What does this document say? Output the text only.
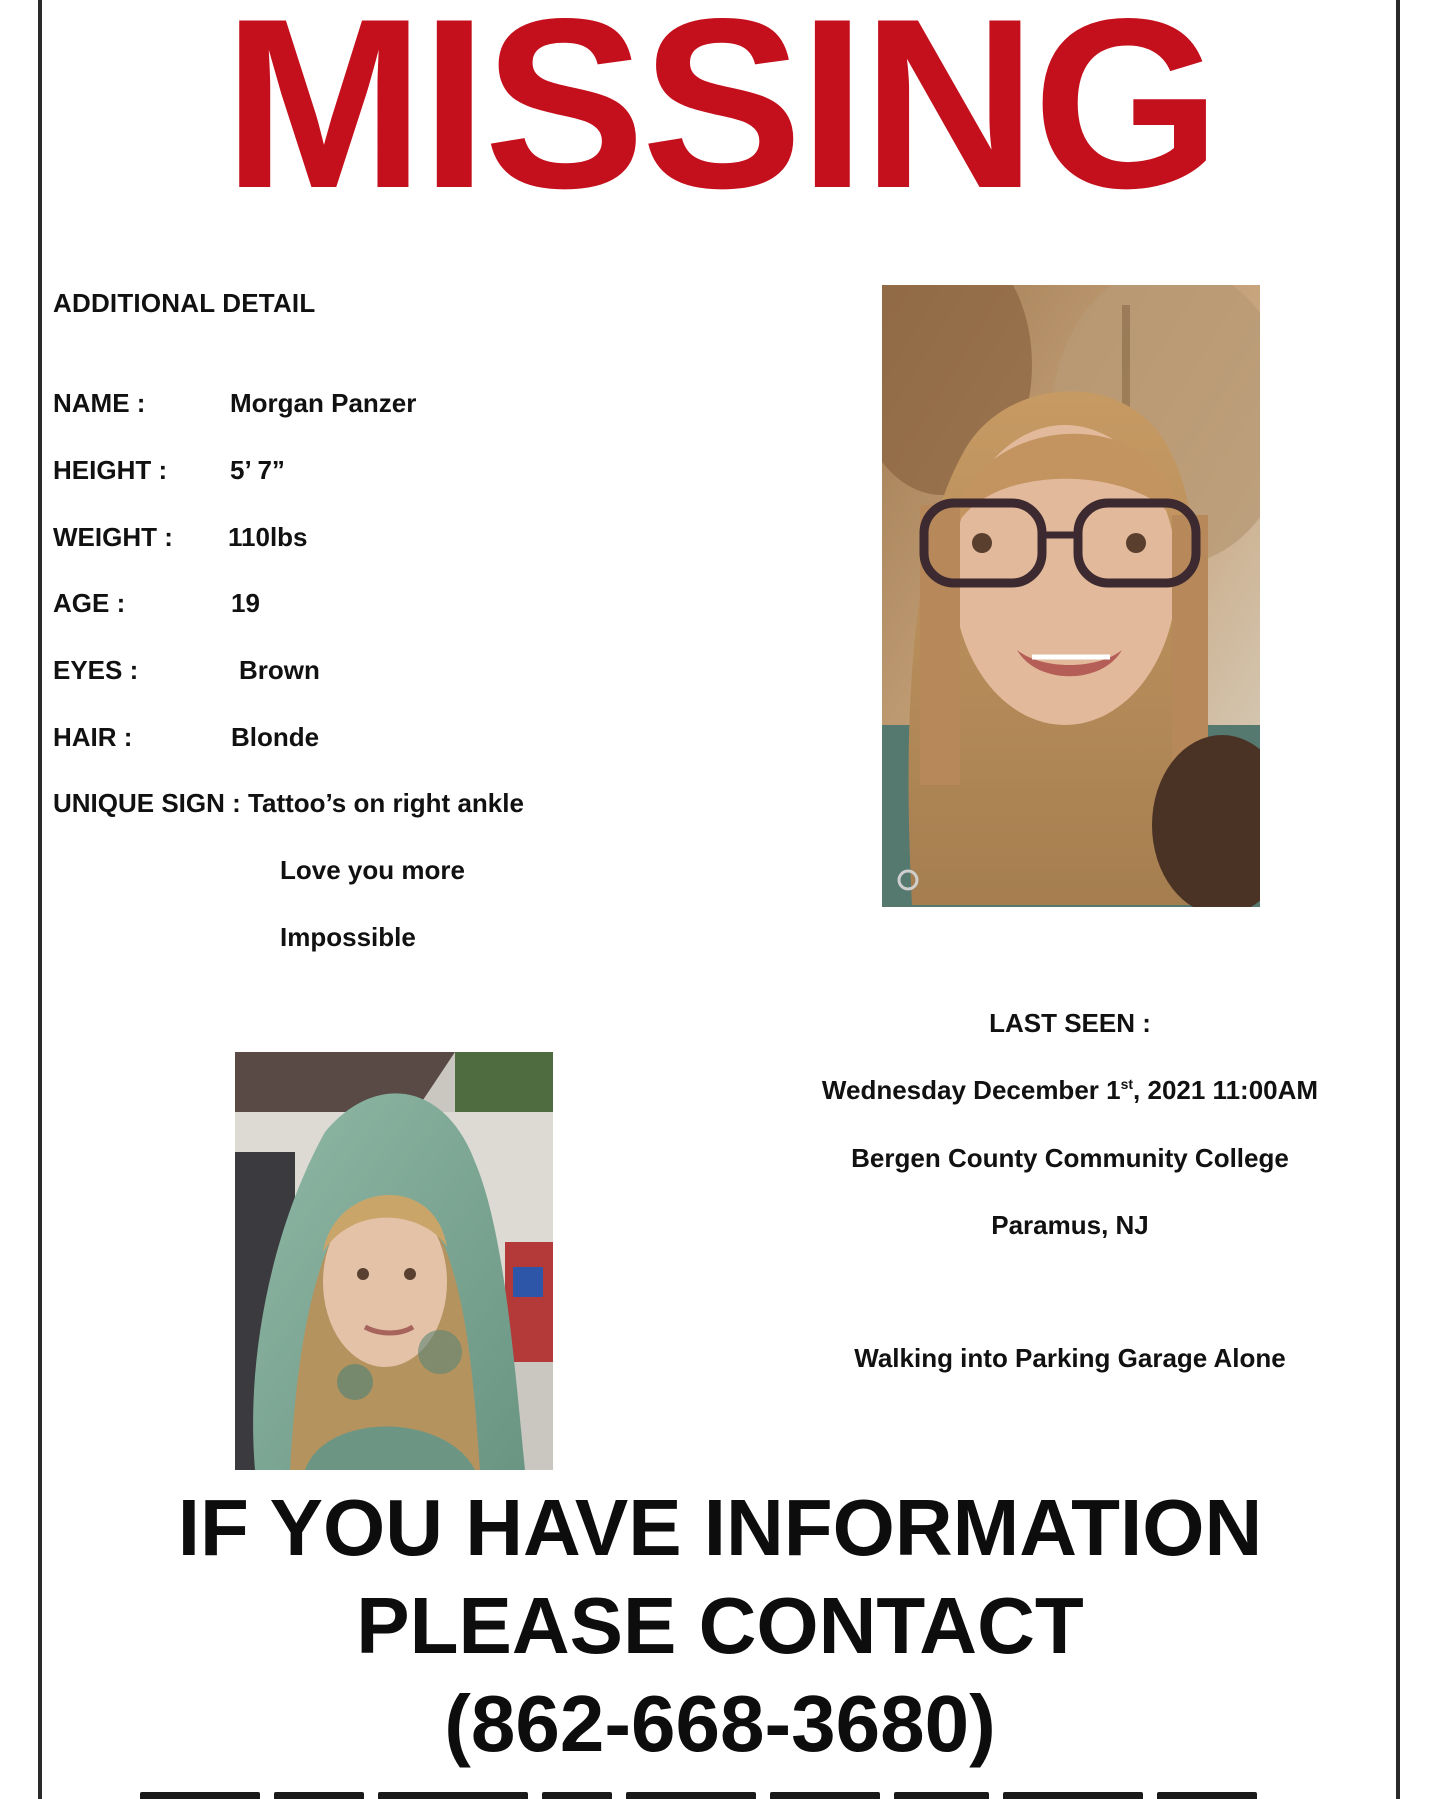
MISSING
ADDITIONAL DETAIL
NAME :	Morgan Panzer
HEIGHT : 5’ 7”
WEIGHT : 110lbs
AGE :	19
EYES :	Brown
HAIR :	Blonde
UNIQUE SIGN : Tattoo’s on right ankle
Love you more
Impossible
LAST SEEN :
Wednesday December 1st, 2021 11:00AM
Bergen County Community College
Paramus, NJ
Walking into Parking Garage Alone
IF YOU HAVE INFORMATION
PLEASE CONTACT
(862-668-3680)
